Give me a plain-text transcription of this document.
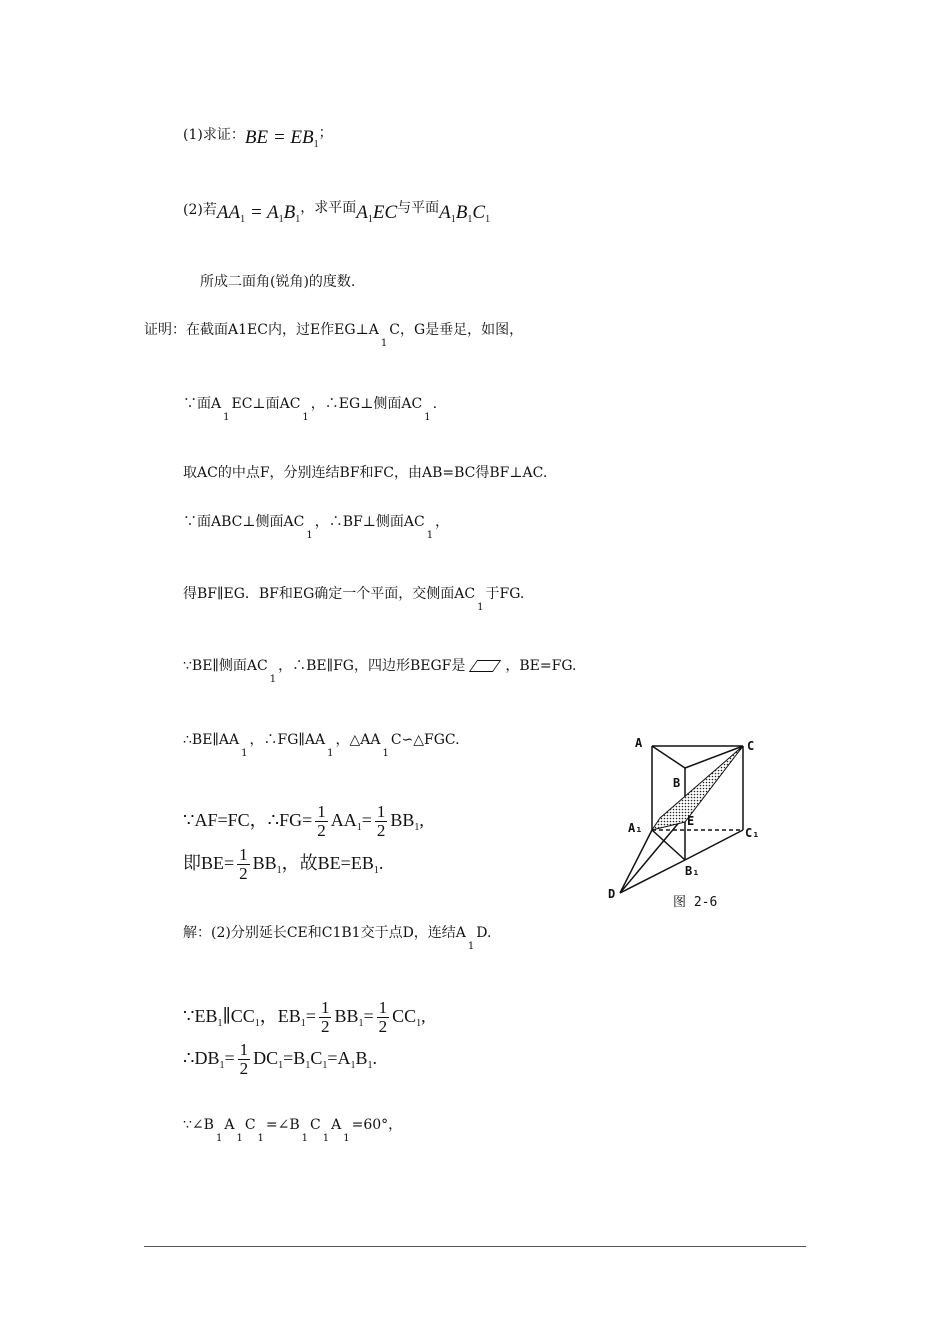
(1)求证：BE = $EB_1$；
(2)若$AA_1 = A_1B_1$，求平面$A_1EC$与平面$A_1B_1C_1$
所成二面角(锐角)的度数.
证明：在截面A1EC内，过E作$EG\perp A_1C$，G是垂足，如图，
∵面$A_1EC\perp$面$AC_1$，∴EG⊥侧面$AC_1$.
取AC的中点F，分别连结BF和FC，由AB=BC得BF⊥AC.
∵面ABC⊥侧面$AC_1$，∴BF⊥侧面$AC_1$，
得BF∥EG．BF和EG确定一个平面，交侧面$AC_1$于FG.
∵BE∥侧面$AC_1$，∴BE∥FG，四边形BEGF是	，BE=FG.
$\therefore BE\parallel AA_1$，$\therefore FG\parallel AA_1$，$\triangle AA_1C∽\triangle FGC$.
∵AF=FC，∴FG= $\frac{1}{2} AA_1= \frac{1}{2} BB_1$,
即$BE= \frac{1}{2} BB_1$，故$BE=EB_1$.
A	C
B
E
A₁	C₁
B₁
D
图 2-6
解：(2)分别延长CE和C1B1交于点D，连结$A_1D$.
$\because EB_1\parallel CC_1$，$EB_1= \frac{1}{2} BB_1= \frac{1}{2} CC_1$,
$\therefore DB_1= \frac{1}{2} DC_1=B_1C_1=A_1B_1$.
$\because\angle B_1A_1C_1=\angle B_1C_1A_1=60^\circ$，
